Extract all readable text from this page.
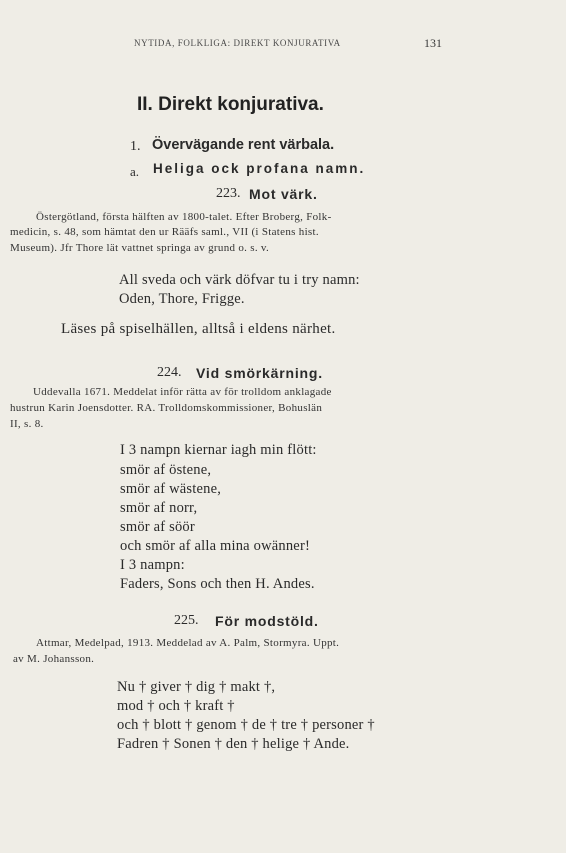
NYTIDA, FOLKLIGA: DIREKT KONJURATIVA	131
II. Direkt konjurativa.
1. Övervägande rent värbala.
a. Heliga ock profana namn.
223. Mot värk.
Östergötland, första hälften av 1800-talet. Efter Broberg, Folk-
medicin, s. 48, som hämtat den ur Rääfs saml., VII (i Statens hist.
Museum). Jfr Thore lät vattnet springa av grund o. s. v.
All sveda och värk döfvar tu i try namn:
Oden, Thore, Frigge.
Läses på spiselhällen, alltså i eldens närhet.
224. Vid smörkärning.
Uddevalla 1671. Meddelat inför rätta av för trolldom anklagade
hustrun Karin Joensdotter. RA. Trolldomskommissioner, Bohuslän
II, s. 8.
I 3 nampn kiernar iagh min flött:
smör af östene,
smör af wästene,
smör af norr,
smör af söör
och smör af alla mina owänner!
I 3 nampn:
Faders, Sons och then H. Andes.
225. För modstöld.
Attmar, Medelpad, 1913. Meddelad av A. Palm, Stormyra. Uppt.
av M. Johansson.
Nu † giver † dig † makt †,
mod † och † kraft †
och † blott † genom † de † tre † personer †
Fadren † Sonen † den † helige † Ande.
